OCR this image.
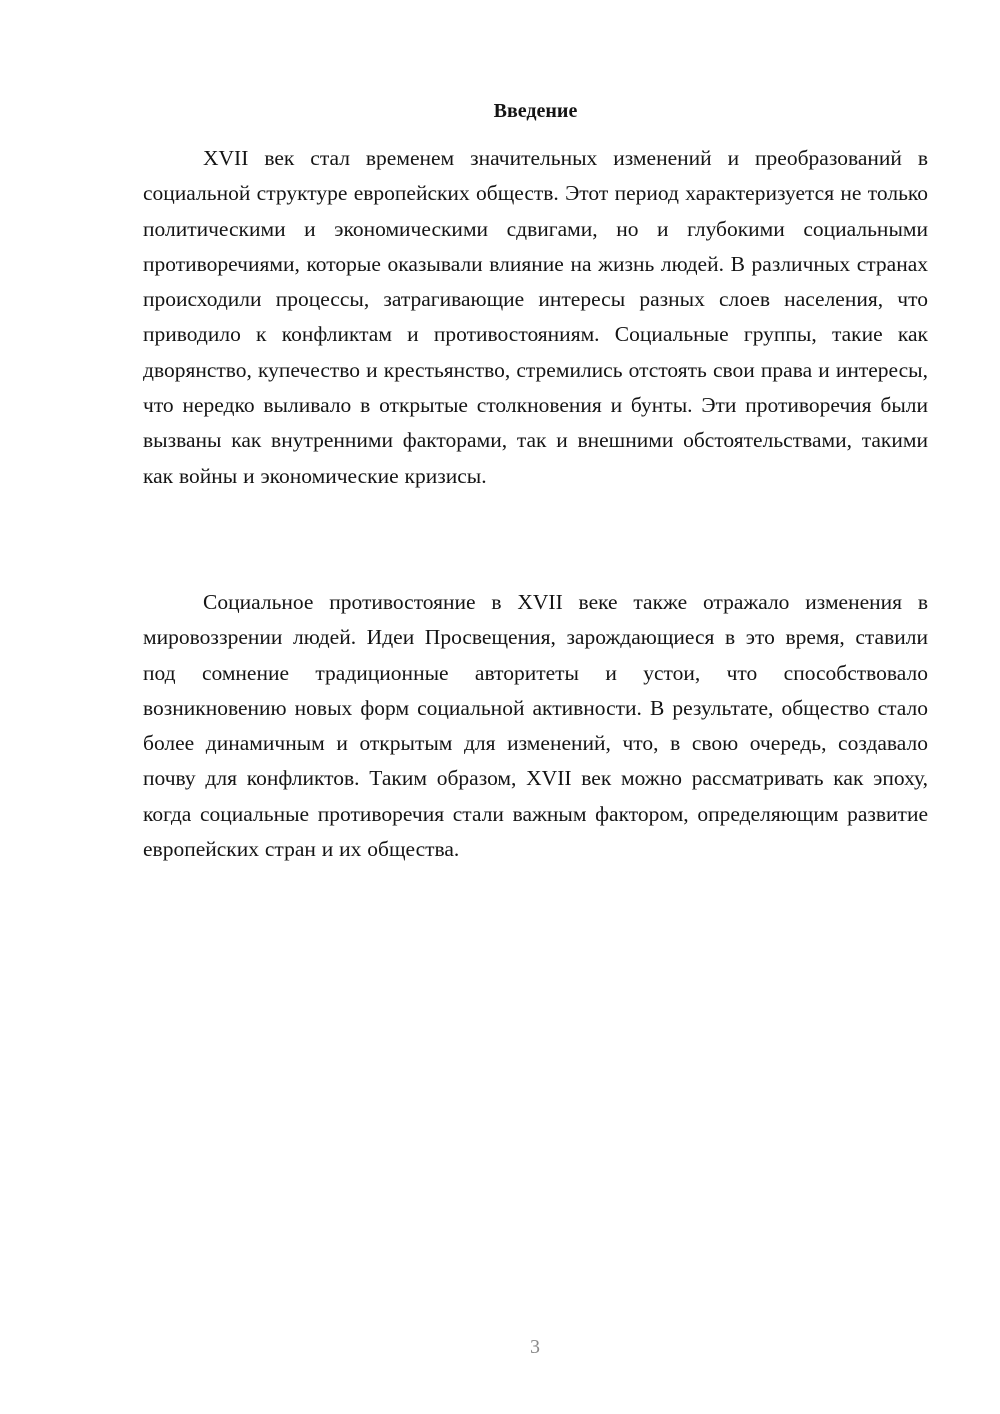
Введение

XVII век стал временем значительных изменений и преобразований в социальной структуре европейских обществ. Этот период характеризуется не только политическими и экономическими сдвигами, но и глубокими социальными противоречиями, которые оказывали влияние на жизнь людей. В различных странах происходили процессы, затрагивающие интересы разных слоев населения, что приводило к конфликтам и противостояниям. Социальные группы, такие как дворянство, купечество и крестьянство, стремились отстоять свои права и интересы, что нередко выливало в открытые столкновения и бунты. Эти противоречия были вызваны как внутренними факторами, так и внешними обстоятельствами, такими как войны и экономические кризисы.

Социальное противостояние в XVII веке также отражало изменения в мировоззрении людей. Идеи Просвещения, зарождающиеся в это время, ставили под сомнение традиционные авторитеты и устои, что способствовало возникновению новых форм социальной активности. В результате, общество стало более динамичным и открытым для изменений, что, в свою очередь, создавало почву для конфликтов. Таким образом, XVII век можно рассматривать как эпоху, когда социальные противоречия стали важным фактором, определяющим развитие европейских стран и их общества.

3
